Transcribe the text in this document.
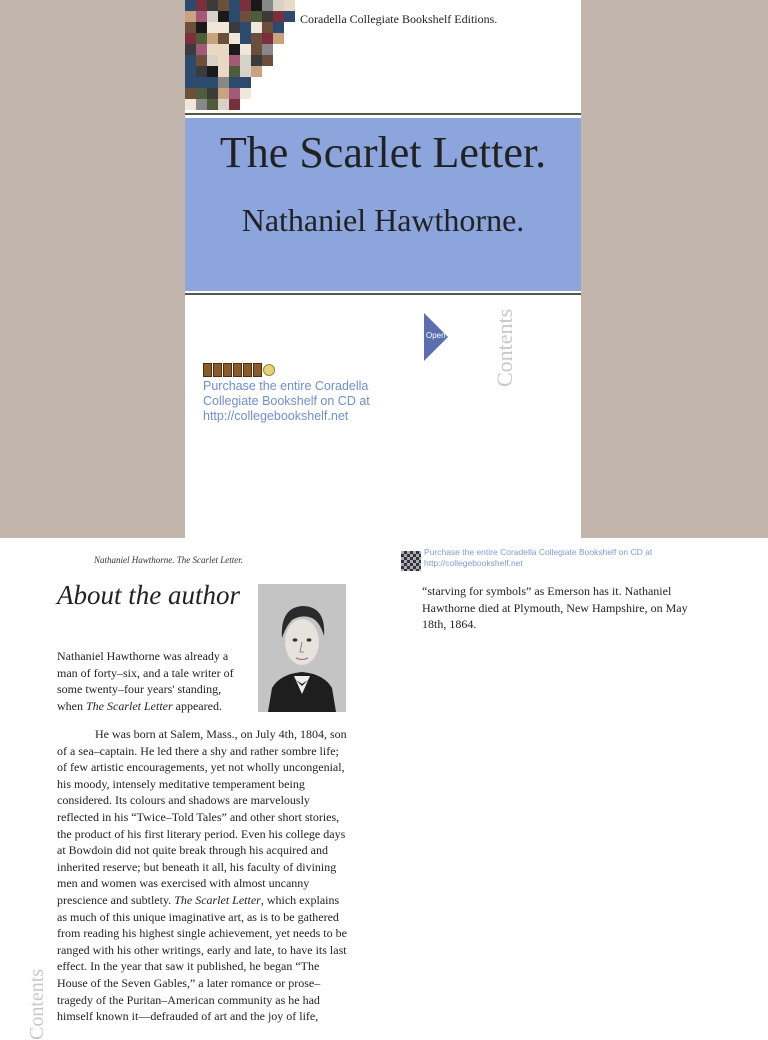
Coradella Collegiate Bookshelf Editions.
The Scarlet Letter.
Nathaniel Hawthorne.
Open Contents
Purchase the entire Coradella Collegiate Bookshelf on CD at http://collegebookshelf.net
Nathaniel Hawthorne. The Scarlet Letter.
About the author

Nathaniel Hawthorne was already a man of forty–six, and a tale writer of some twenty–four years' standing, when The Scarlet Letter appeared.

He was born at Salem, Mass., on July 4th, 1804, son of a sea–captain. He led there a shy and rather sombre life; of few artistic encouragements, yet not wholly uncongenial, his moody, intensely meditative temperament being considered. Its colours and shadows are marvelously reflected in his “Twice–Told Tales” and other short stories, the product of his first literary period. Even his college days at Bowdoin did not quite break through his acquired and inherited reserve; but beneath it all, his faculty of divining men and women was exercised with almost uncanny prescience and subtlety. The Scarlet Letter, which explains as much of this unique imaginative art, as is to be gathered from reading his highest single achievement, yet needs to be ranged with his other writings, early and late, to have its last effect. In the year that saw it published, he began “The House of the Seven Gables,” a later romance or prose–tragedy of the Puritan–American community as he had himself known it—defrauded of art and the joy of life,

Purchase the entire Coradella Collegiate Bookshelf on CD at http://collegebookshelf.net

“starving for symbols” as Emerson has it. Nathaniel Hawthorne died at Plymouth, New Hampshire, on May 18th, 1864.

Contents
